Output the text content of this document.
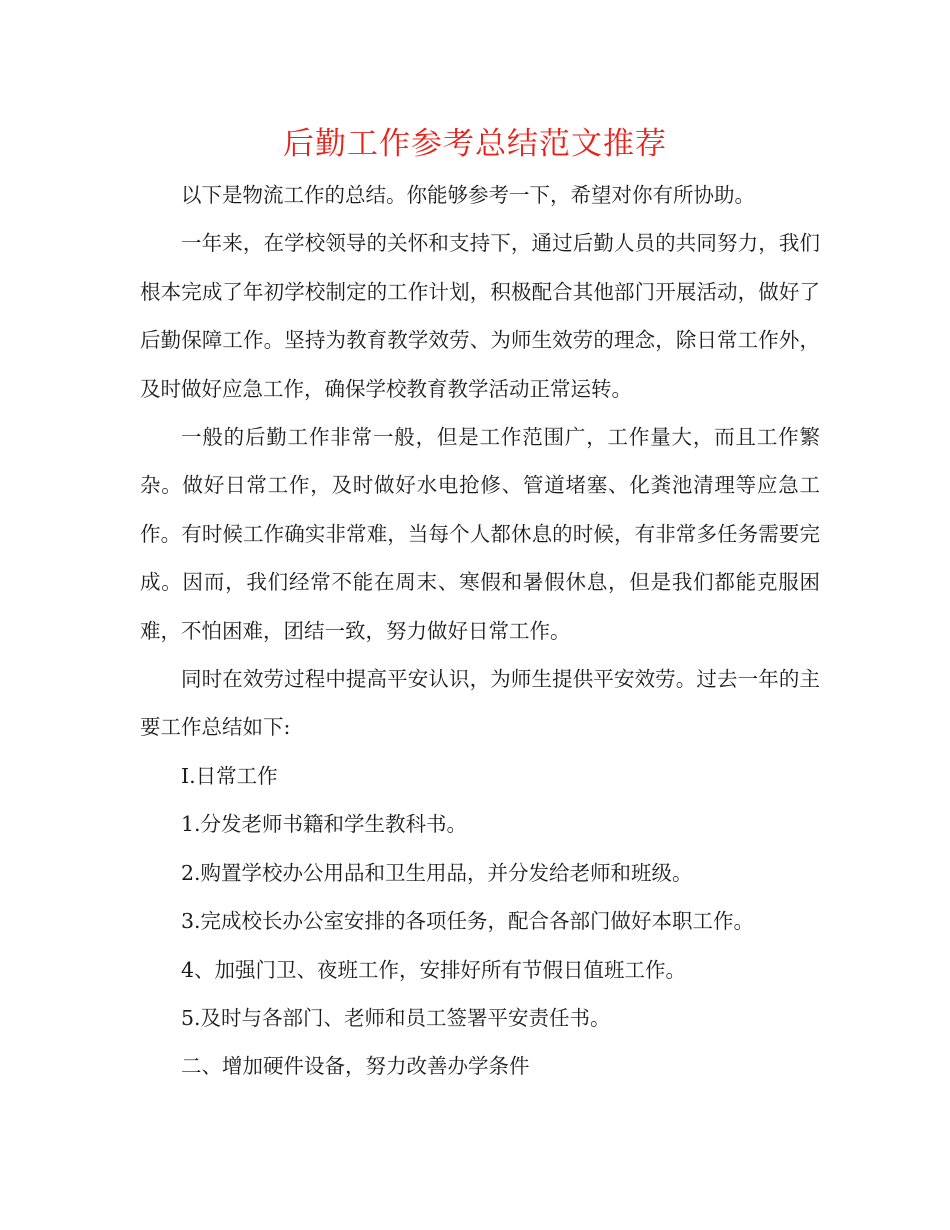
后勤工作参考总结范文推荐

以下是物流工作的总结。你能够参考一下，希望对你有所协助。

一年来，在学校领导的关怀和支持下，通过后勤人员的共同努力，我们根本完成了年初学校制定的工作计划，积极配合其他部门开展活动，做好了后勤保障工作。坚持为教育教学效劳、为师生效劳的理念，除日常工作外，及时做好应急工作，确保学校教育教学活动正常运转。

一般的后勤工作非常一般，但是工作范围广，工作量大，而且工作繁杂。做好日常工作，及时做好水电抢修、管道堵塞、化粪池清理等应急工作。有时候工作确实非常难，当每个人都休息的时候，有非常多任务需要完成。因而，我们经常不能在周末、寒假和暑假休息，但是我们都能克服困难，不怕困难，团结一致，努力做好日常工作。

同时在效劳过程中提高平安认识，为师生提供平安效劳。过去一年的主要工作总结如下:

Ⅰ.日常工作

1.分发老师书籍和学生教科书。

2.购置学校办公用品和卫生用品，并分发给老师和班级。

3.完成校长办公室安排的各项任务，配合各部门做好本职工作。

4、加强门卫、夜班工作，安排好所有节假日值班工作。

5.及时与各部门、老师和员工签署平安责任书。

二、增加硬件设备，努力改善办学条件
